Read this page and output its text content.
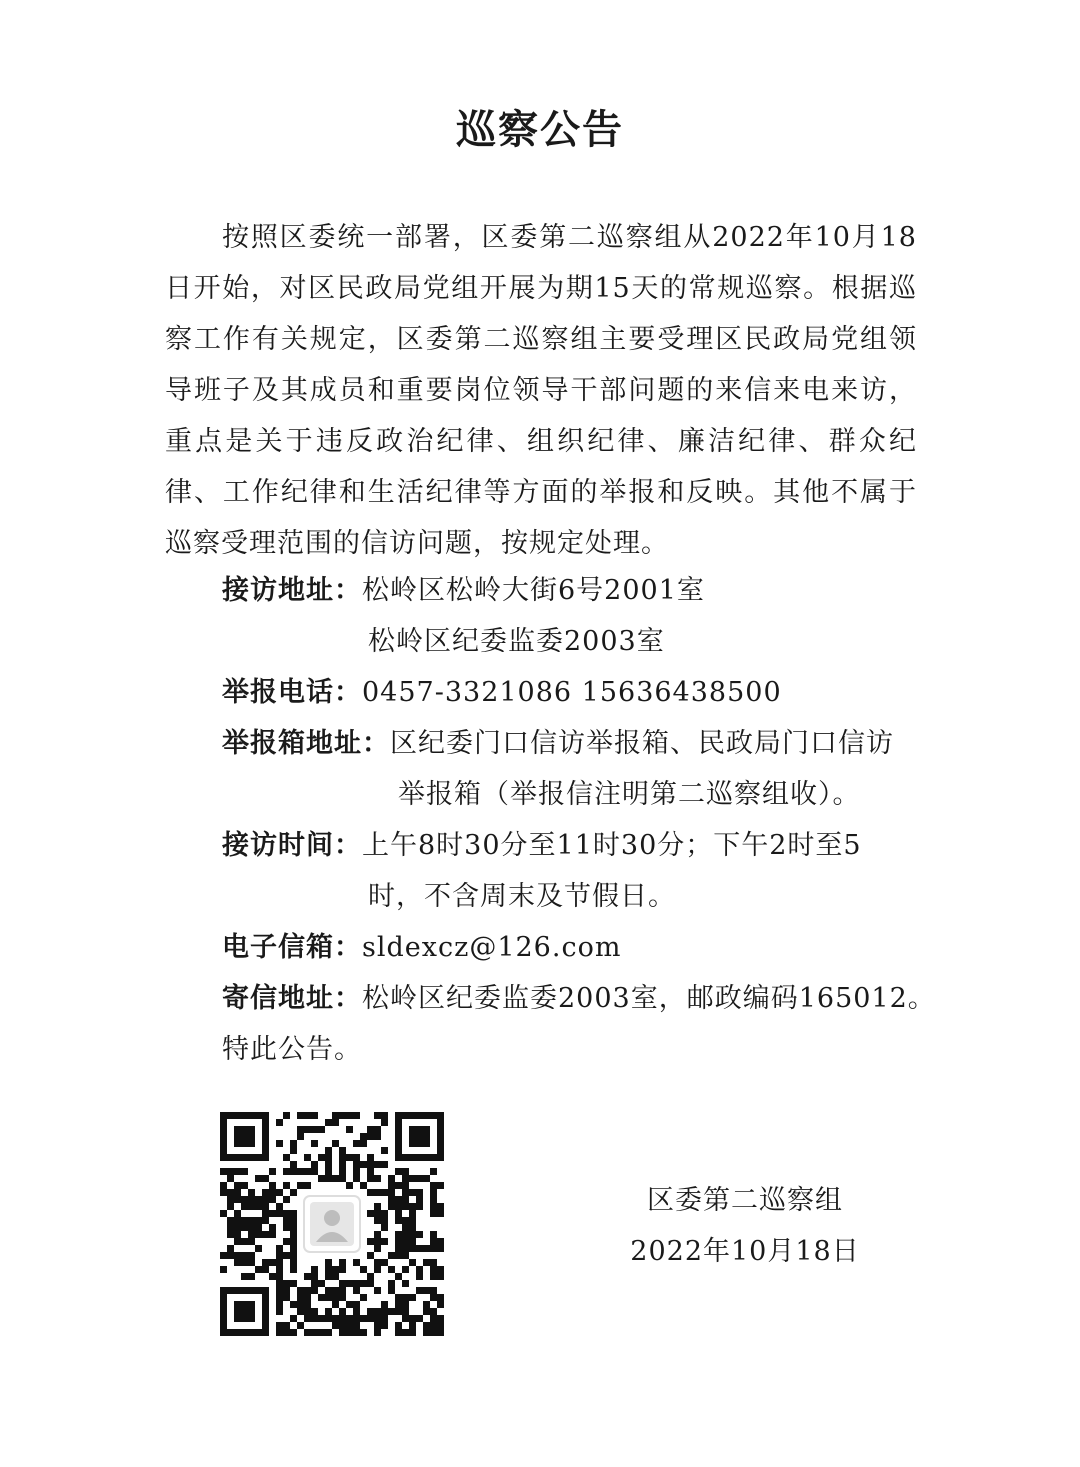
巡察公告
按照区委统一部署，区委第二巡察组从2022年10月18日开始，对区民政局党组开展为期15天的常规巡察。根据巡察工作有关规定，区委第二巡察组主要受理区民政局党组领导班子及其成员和重要岗位领导干部问题的来信来电来访，重点是关于违反政治纪律、组织纪律、廉洁纪律、群众纪律、工作纪律和生活纪律等方面的举报和反映。其他不属于巡察受理范围的信访问题，按规定处理。
接访地址：松岭区松岭大街6号2001室
松岭区纪委监委2003室
举报电话：0457-3321086 15636438500
举报箱地址：区纪委门口信访举报箱、民政局门口信访
举报箱（举报信注明第二巡察组收）。
接访时间：上午8时30分至11时30分；下午2时至5
时，不含周末及节假日。
电子信箱：sldexcz@126.com
寄信地址：松岭区纪委监委2003室，邮政编码165012。
特此公告。
区委第二巡察组
2022年10月18日
